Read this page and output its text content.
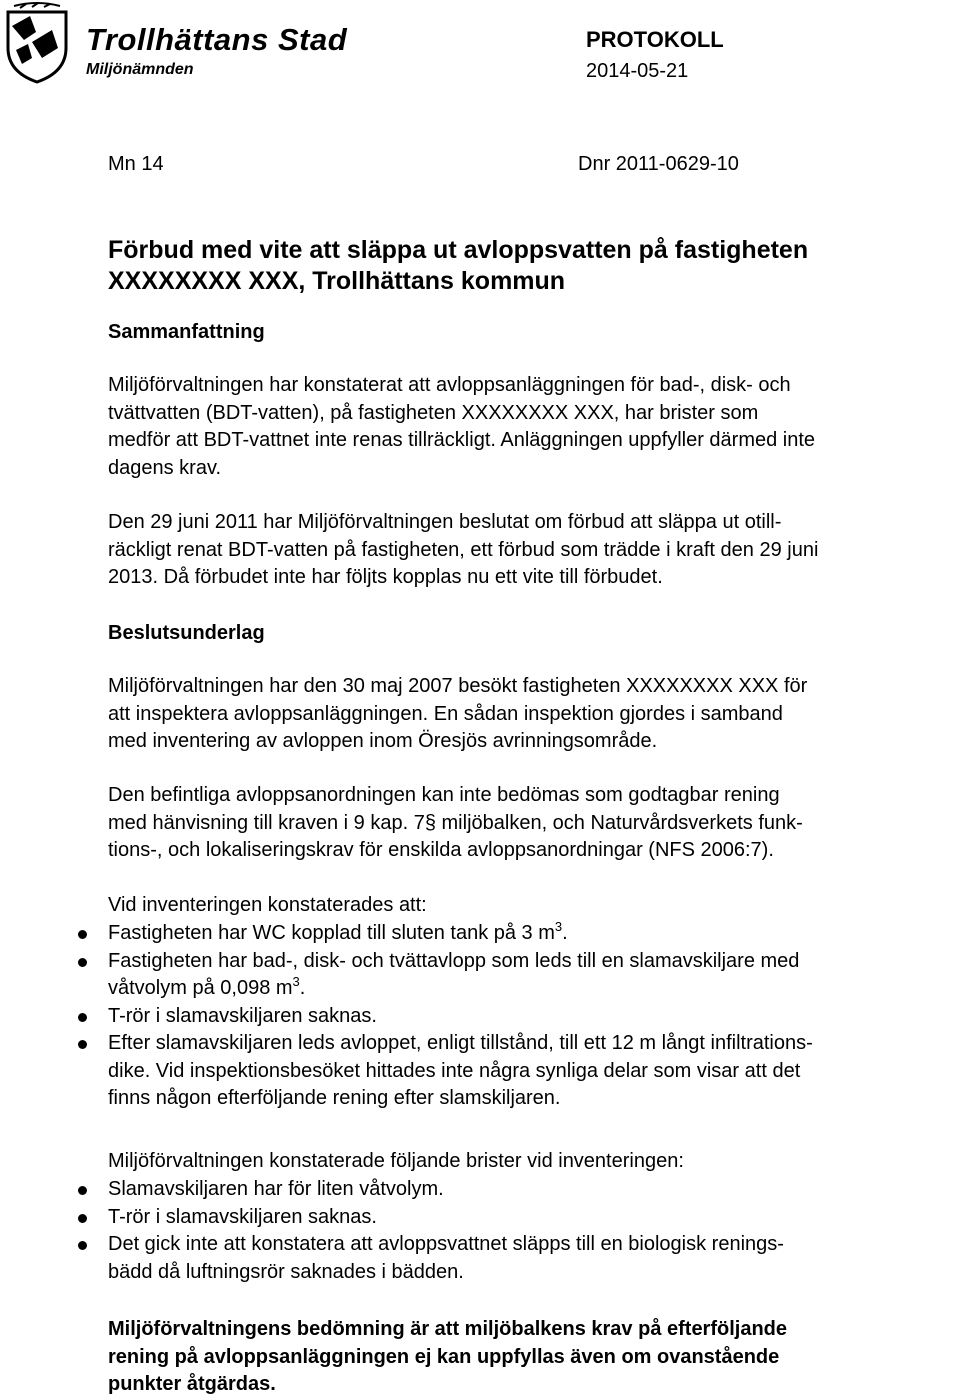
Trollhättans Stad
Miljönämnden
PROTOKOLL
2014-05-21
Mn 14	Dnr 2011-0629-10
Förbud med vite att släppa ut avloppsvatten på fastigheten
XXXXXXXX XXX, Trollhättans kommun
Sammanfattning
Miljöförvaltningen har konstaterat att avloppsanläggningen för bad-, disk- och
tvättvatten (BDT-vatten), på fastigheten XXXXXXXX XXX, har brister som
medför att BDT-vattnet inte renas tillräckligt. Anläggningen uppfyller därmed inte
dagens krav.
Den 29 juni 2011 har Miljöförvaltningen beslutat om förbud att släppa ut otill-
räckligt renat BDT-vatten på fastigheten, ett förbud som trädde i kraft den 29 juni
2013. Då förbudet inte har följts kopplas nu ett vite till förbudet.
Beslutsunderlag
Miljöförvaltningen har den 30 maj 2007 besökt fastigheten XXXXXXXX XXX för
att inspektera avloppsanläggningen. En sådan inspektion gjordes i samband
med inventering av avloppen inom Öresjös avrinningsområde.
Den befintliga avloppsanordningen kan inte bedömas som godtagbar rening
med hänvisning till kraven i 9 kap. 7§ miljöbalken, och Naturvårdsverkets funk-
tions-, och lokaliseringskrav för enskilda avloppsanordningar (NFS 2006:7).
Vid inventeringen konstaterades att:
Fastigheten har WC kopplad till sluten tank på 3 $m^3$.
Fastigheten har bad-, disk- och tvättavlopp som leds till en slamavskiljare med
våtvolym på 0,098 $m^3$.
T-rör i slamavskiljaren saknas.
Efter slamavskiljaren leds avloppet, enligt tillstånd, till ett 12 m långt infiltrations-
dike. Vid inspektionsbesöket hittades inte några synliga delar som visar att det
finns någon efterföljande rening efter slamskiljaren.
Miljöförvaltningen konstaterade följande brister vid inventeringen:
Slamavskiljaren har för liten våtvolym.
T-rör i slamavskiljaren saknas.
Det gick inte att konstatera att avloppsvattnet släpps till en biologisk renings-
bädd då luftningsrör saknades i bädden.
Miljöförvaltningens bedömning är att miljöbalkens krav på efterföljande
rening på avloppsanläggningen ej kan uppfyllas även om ovanstående
punkter åtgärdas.
